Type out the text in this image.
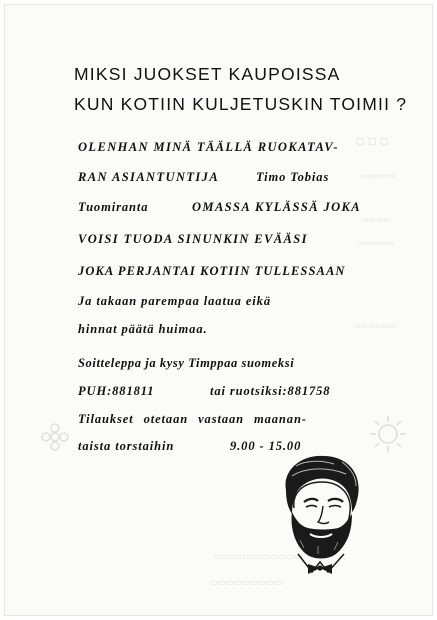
▢ ▢ ▢
▭▭▭▭▭
▭▭▭▭
▭▭▭▭▭
▭▭▭▭▭▭
▭▭▭▭▭▭▭▭▭▭▭
▭▭▭▭▭▭▭▭▭
MIKSI JUOKSET KAUPOISSA
KUN KOTIIN KULJETUSKIN TOIMII ?
OLENHAN MINÄ TÄÄLLÄ RUOKATAV-
RAN ASIANTUNTIJA	Timo Tobias
Tuomiranta	OMASSA KYLÄSSÄ JOKA
VOISI TUODA SINUNKIN EVÄÄSI
JOKA PERJANTAI KOTIIN TULLESSAAN
Ja takaan parempaa laatua eikä
hinnat päätä huimaa.
Soitteleppa ja kysy Timppaa suomeksi
PUH:881811	tai ruotsiksi:881758
Tilaukset otetaan vastaan maanan-
taista torstaihin	9.00 - 15.00
